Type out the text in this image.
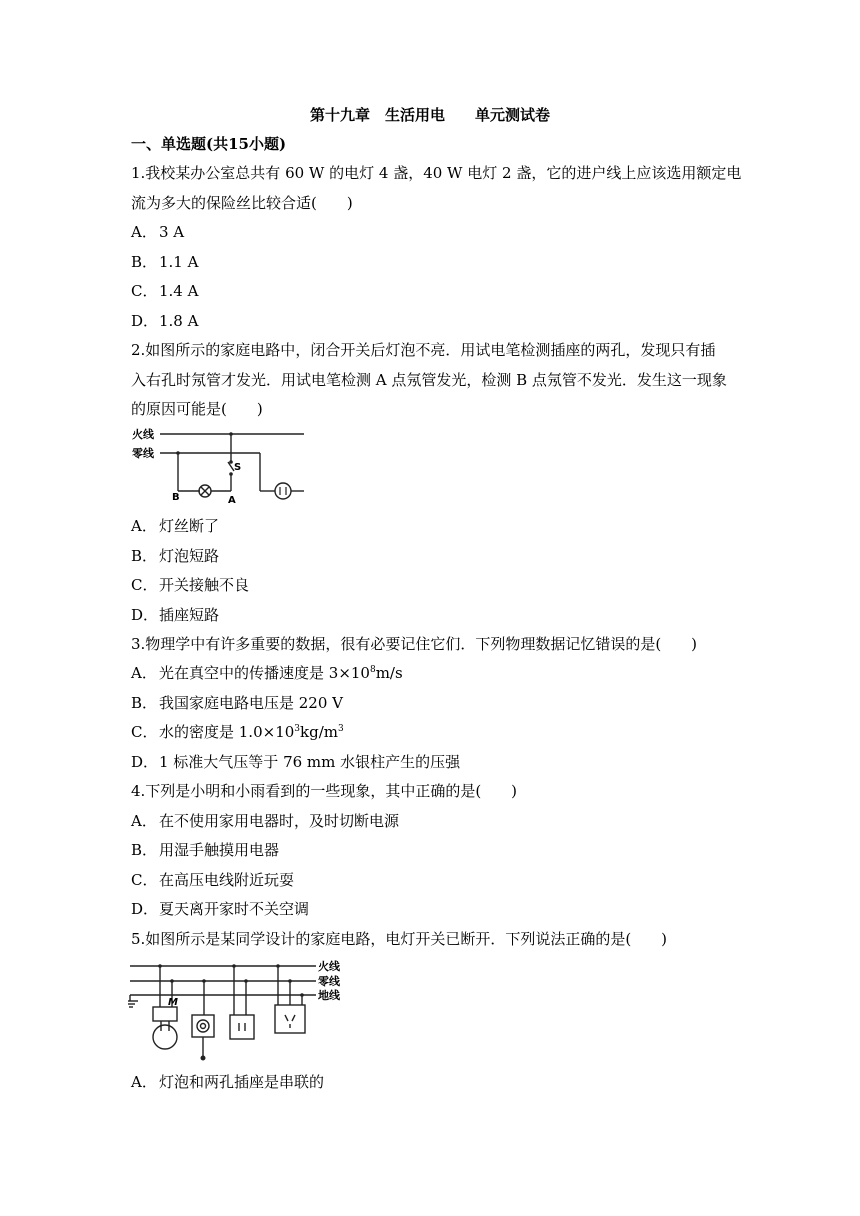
第十九章　生活用电　　单元测试卷
一、单选题(共15小题)
1.我校某办公室总共有 60 W 的电灯 4 盏，40 W 电灯 2 盏，它的进户线上应该选用额定电
流为多大的保险丝比较合适(　　)
A． 3 A
B． 1.1 A
C． 1.4 A
D．1.8 A
2.如图所示的家庭电路中，闭合开关后灯泡不亮．用试电笔检测插座的两孔，发现只有插
入右孔时氖管才发光．用试电笔检测 A 点氖管发光，检测 B 点氖管不发光．发生这一现象
的原因可能是(　　)
火线
零线
S
A
B
A． 灯丝断了
B． 灯泡短路
C． 开关接触不良
D．插座短路
3.物理学中有许多重要的数据，很有必要记住它们．下列物理数据记忆错误的是(　　)
A． 光在真空中的传播速度是 $3\times 10^8m/s$
B． 我国家庭电路电压是 220 V
C． 水的密度是 $1.0\times 10^3kg/m^3$
D．1 标准大气压等于 76 mm 水银柱产生的压强
4.下列是小明和小雨看到的一些现象，其中正确的是(　　)
A． 在不使用家用电器时，及时切断电源
B． 用湿手触摸用电器
C． 在高压电线附近玩耍
D．夏天离开家时不关空调
5.如图所示是某同学设计的家庭电路，电灯开关已断开．下列说法正确的是(　　)
M
火线
零线
地线
A． 灯泡和两孔插座是串联的
